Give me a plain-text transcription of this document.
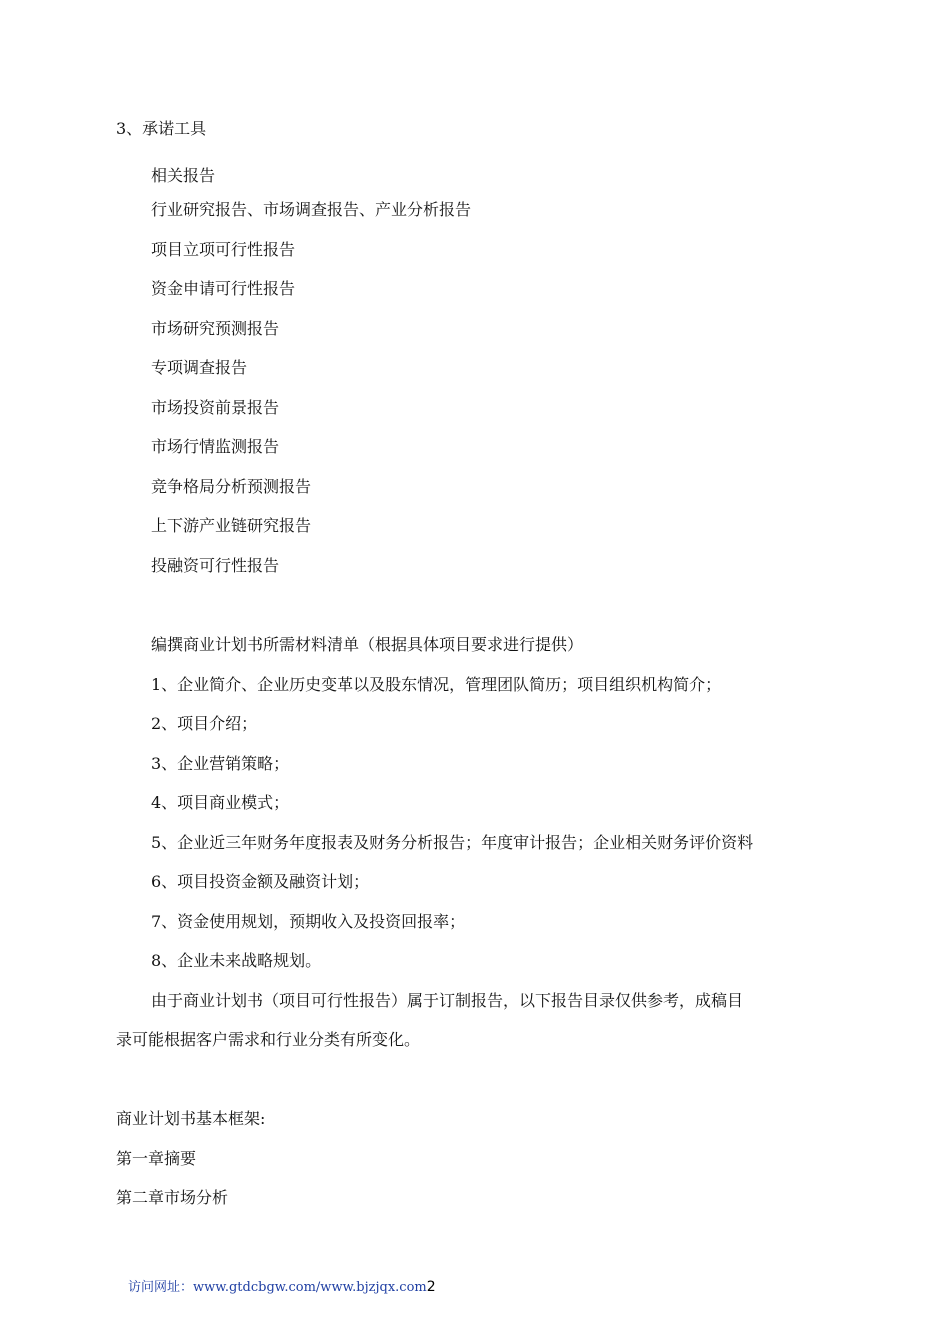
3、承诺工具
相关报告
行业研究报告、市场调查报告、产业分析报告
项目立项可行性报告
资金申请可行性报告
市场研究预测报告
专项调查报告
市场投资前景报告
市场行情监测报告
竞争格局分析预测报告
上下游产业链研究报告
投融资可行性报告
编撰商业计划书所需材料清单（根据具体项目要求进行提供）
1、企业简介、企业历史变革以及股东情况，管理团队简历；项目组织机构简介；
2、项目介绍；
3、企业营销策略；
4、项目商业模式；
5、企业近三年财务年度报表及财务分析报告；年度审计报告；企业相关财务评价资料
6、项目投资金额及融资计划；
7、资金使用规划，预期收入及投资回报率；
8、企业未来战略规划。
由于商业计划书（项目可行性报告）属于订制报告，以下报告目录仅供参考，成稿目
录可能根据客户需求和行业分类有所变化。
商业计划书基本框架:
第一章摘要
第二章市场分析
访问网址：www.gtdcbgw.com/www.bjzjqx.com2
